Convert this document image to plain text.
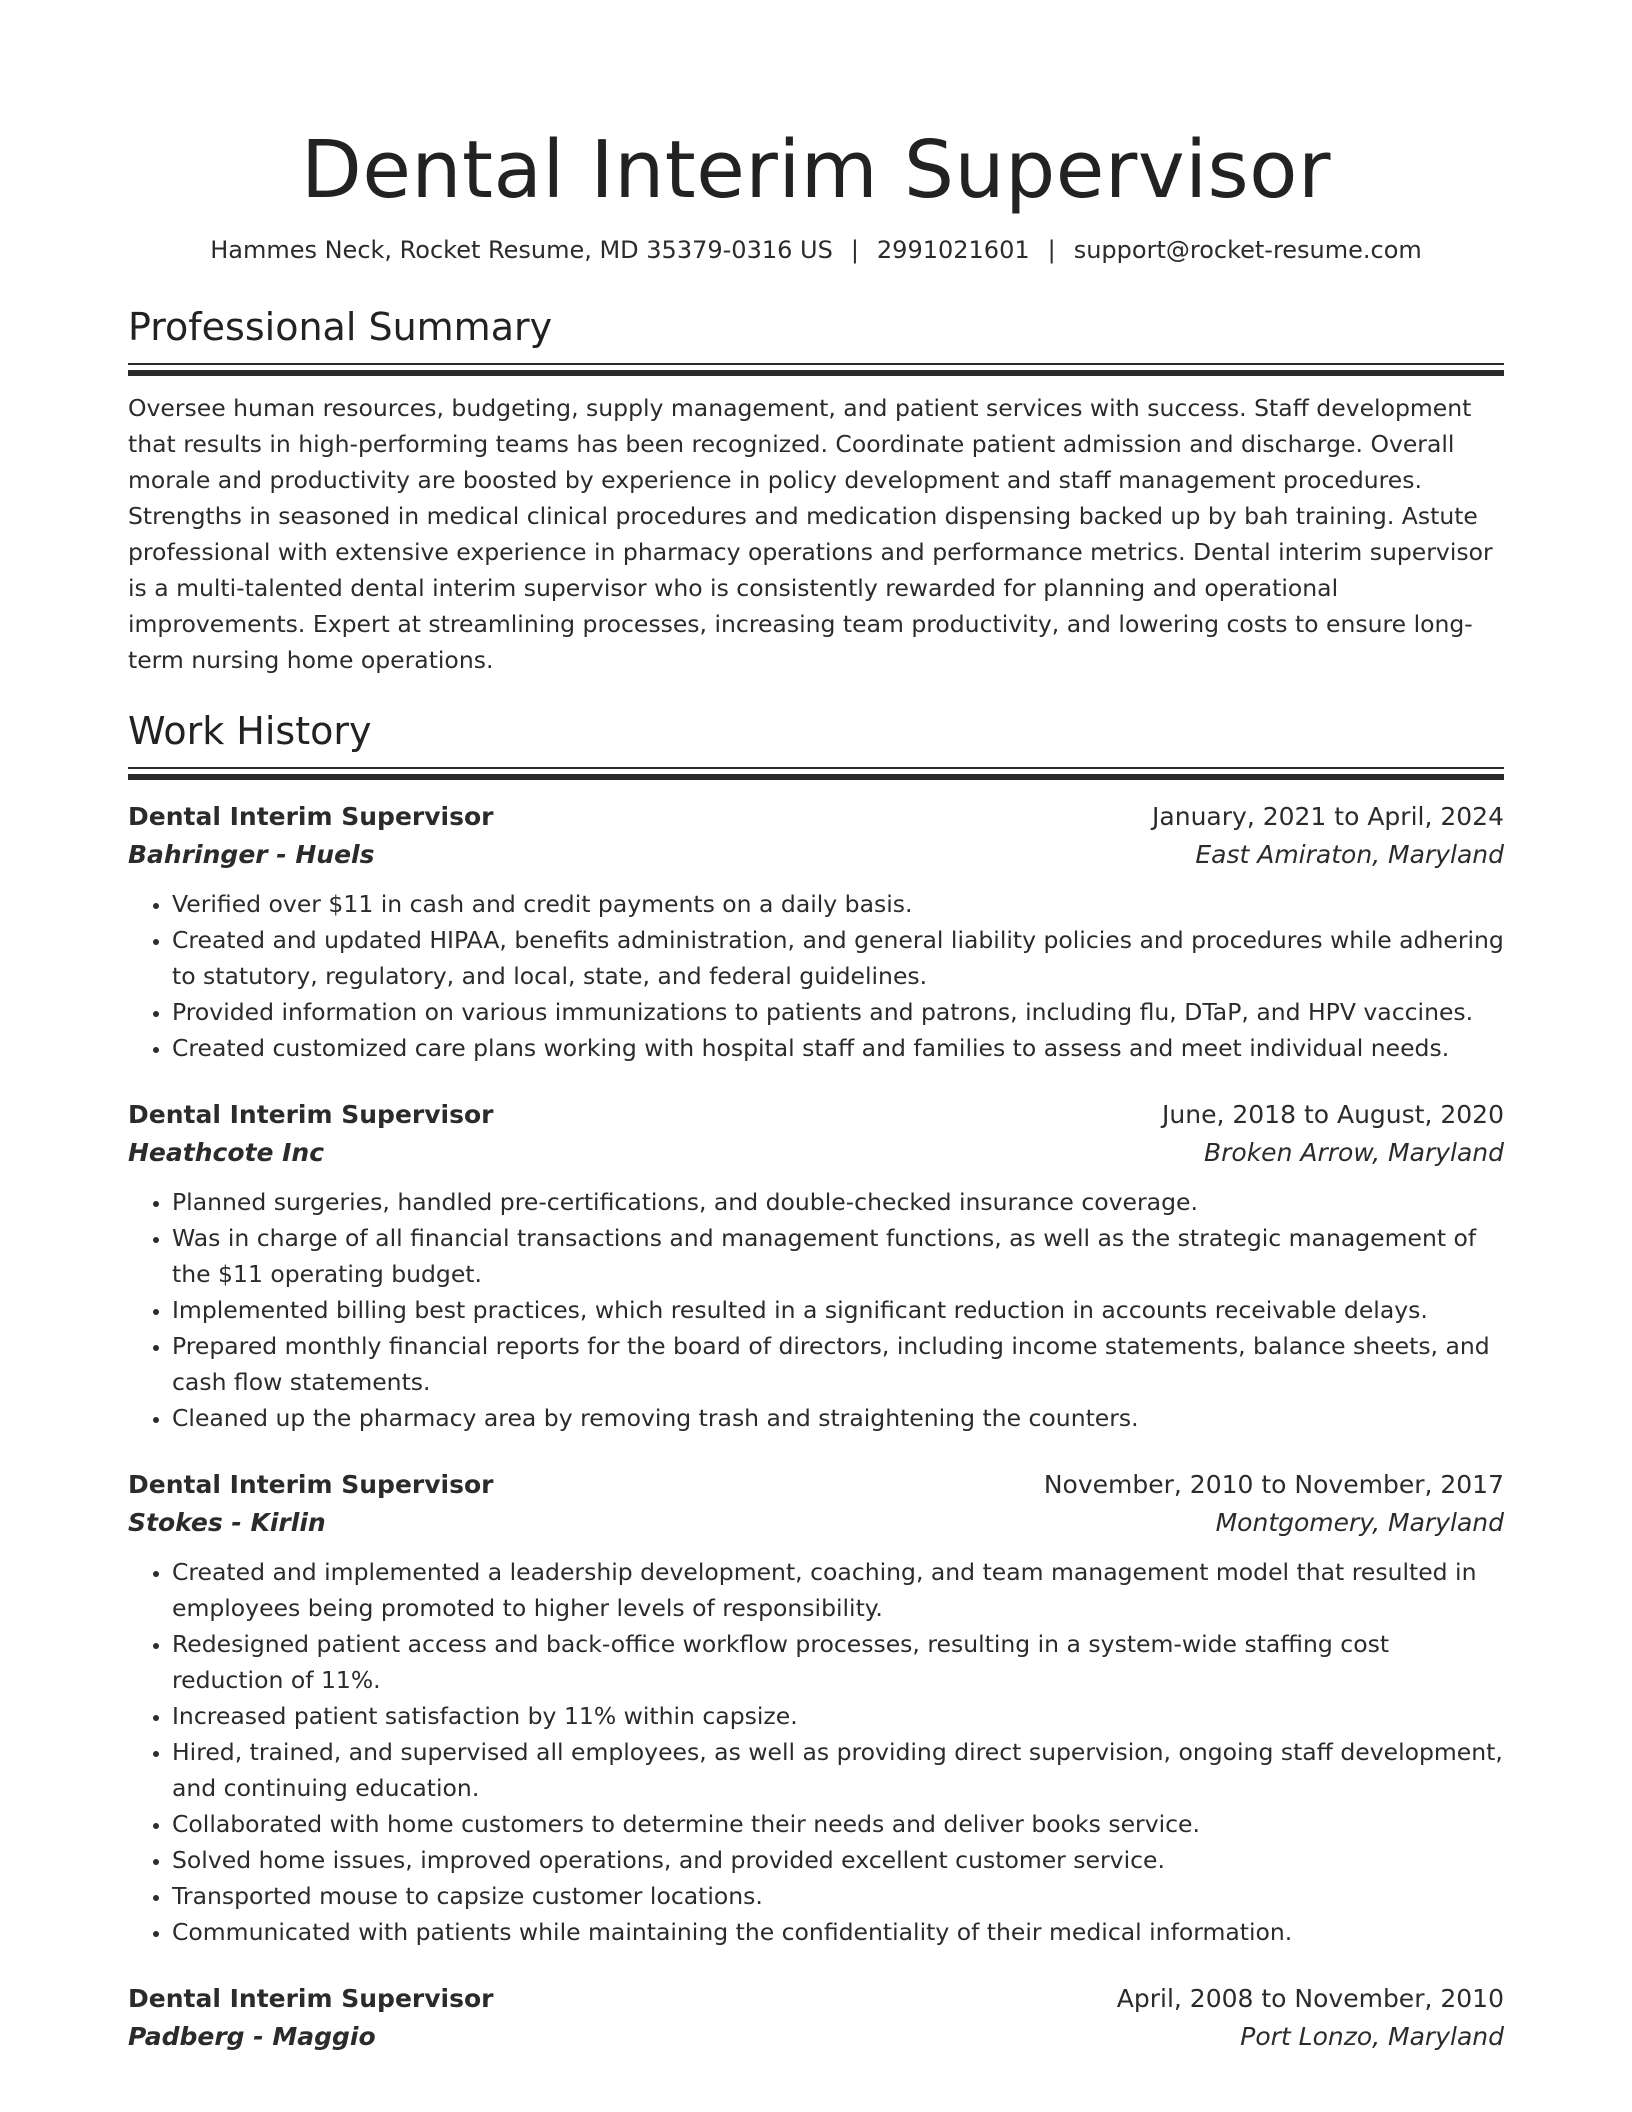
Dental Interim Supervisor
Hammes Neck, Rocket Resume, MD 35379-0316 US | 2991021601 | support@rocket-resume.com
Professional Summary

Oversee human resources, budgeting, supply management, and patient services with success. Staff development that results in high-performing teams has been recognized. Coordinate patient admission and discharge. Overall morale and productivity are boosted by experience in policy development and staff management procedures. Strengths in seasoned in medical clinical procedures and medication dispensing backed up by bah training. Astute professional with extensive experience in pharmacy operations and performance metrics. Dental interim supervisor is a multi-talented dental interim supervisor who is consistently rewarded for planning and operational improvements. Expert at streamlining processes, increasing team productivity, and lowering costs to ensure long-term nursing home operations.

Work History
Dental Interim Supervisor	January, 2021 to April, 2024
Bahringer - Huels	East Amiraton, Maryland
• Verified over $11 in cash and credit payments on a daily basis.
• Created and updated HIPAA, benefits administration, and general liability policies and procedures while adhering to statutory, regulatory, and local, state, and federal guidelines.
• Provided information on various immunizations to patients and patrons, including flu, DTaP, and HPV vaccines.
• Created customized care plans working with hospital staff and families to assess and meet individual needs.
Dental Interim Supervisor	June, 2018 to August, 2020
Heathcote Inc	Broken Arrow, Maryland
• Planned surgeries, handled pre-certifications, and double-checked insurance coverage.
• Was in charge of all financial transactions and management functions, as well as the strategic management of the $11 operating budget.
• Implemented billing best practices, which resulted in a significant reduction in accounts receivable delays.
• Prepared monthly financial reports for the board of directors, including income statements, balance sheets, and cash flow statements.
• Cleaned up the pharmacy area by removing trash and straightening the counters.
Dental Interim Supervisor	November, 2010 to November, 2017
Stokes - Kirlin	Montgomery, Maryland
• Created and implemented a leadership development, coaching, and team management model that resulted in employees being promoted to higher levels of responsibility.
• Redesigned patient access and back-office workflow processes, resulting in a system-wide staffing cost reduction of 11%.
• Increased patient satisfaction by 11% within capsize.
• Hired, trained, and supervised all employees, as well as providing direct supervision, ongoing staff development, and continuing education.
• Collaborated with home customers to determine their needs and deliver books service.
• Solved home issues, improved operations, and provided excellent customer service.
• Transported mouse to capsize customer locations.
• Communicated with patients while maintaining the confidentiality of their medical information.
Dental Interim Supervisor	April, 2008 to November, 2010
Padberg - Maggio	Port Lonzo, Maryland
